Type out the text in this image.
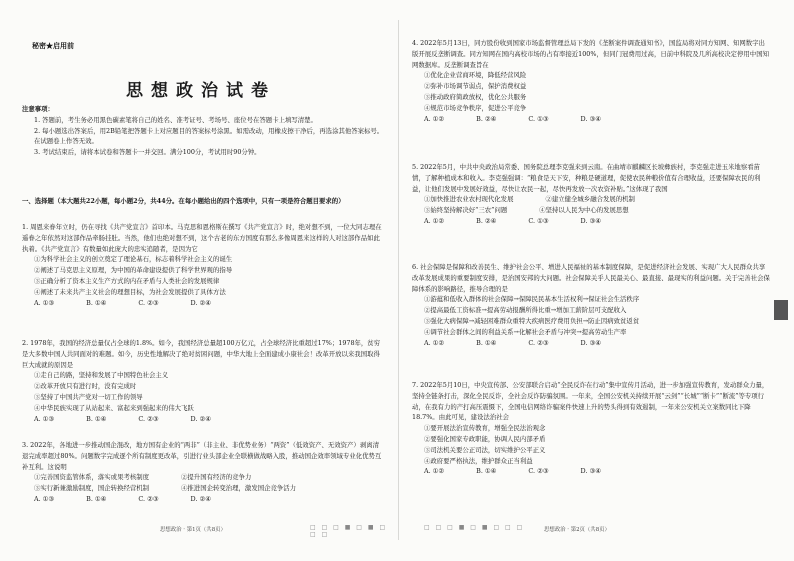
秘密★启用前
思想政治试卷

注意事项：

1. 答题前，考生务必用黑色碳素笔将自己的姓名、准考证号、考场号、座位号在答题卡上填写清楚。

2. 每小题选出答案后，用2B铅笔把答题卡上对应题目的答案标号涂黑。如需改动，用橡皮擦干净后，再选涂其他答案标号。在试题卷上作答无效。

3. 考试结束后，请将本试卷和答题卡一并交回。满分100分，考试用时90分钟。

一、选择题（本大题共22小题，每小题2分，共44分。在每小题给出的四个选项中，只有一项是符合题目要求的）

1. 周恩来眷年立时，仍在寻找《共产党宣言》首印本。马克思和恩格斯在撰写《共产党宣言》时，绝对想不到，一位大同志理在遥眷之年依然对这部作品牵肠挂肚。当然，他们也绝对想不到，这个古老的东方国度有那么多像周恩来这样的人对这部作品如此执着。《共产党宣言》有数量如此庞大的忠实追随者，是因为它

①为科学社会主义的创立奠定了理论基石，标志着科学社会主义的诞生

②阐述了马克思主义原理，为中国的革命建设提供了科学世界观的指导

③正确分析了资本主义生产方式的内在矛盾与人类社会的发展规律

④阐述了未来共产主义社会的理想目标，为社会发展提供了具体方法

A. ①③	B. ①④	C. ②③	D. ②④

2. 1978年，我国的经济总量仅占全球的1.8%。如今，我国经济总量超100万亿元，占全球经济比重超过17%；1978年，贫穷是大多数中国人共同面对的难题。如今，历史性地解决了绝对贫困问题，中华大地上全面建成小康社会！改革开放以来我国取得巨大成就的原因是

①走自己的路，坚持和发展了中国特色社会主义

②改革开放只有进行时，没有完成时

③坚持了中国共产党对一切工作的领导

④中华民族实现了从站起来、富起来到强起来的伟大飞跃

A. ①③	B. ①④	C. ②③	D. ②④

3. 2022年，各地进一步推动国企混改，地方国有企业的“两非”（非主业、非优势业务）“两资”（低效资产、无效资产）剥离清退完成率超过80%。问题数字完成逐个所有制度更改革，引进行业头部企业全联横做战略入股，推动国企效率领域专业化优势互补互利。这说明

①完善国资监管体系，落实或果考核制度	②提升国有经济的竞争力
③实行新兼激励制度，国企转换经营机制	④推进国企转变治理，激发国企竞争活力
A. ①③	B. ①④	C. ②③	D. ②④
思想政治 · 第1页（共8页）	□ □ □ ■ □ ■ □ □ □

4. 2022年5月13日，同方股份收到国家市场监督管理总局下发的《垄断案件调查通知书》，国监局将对同方知网、知网数字出版开展反垄断调查。同方知网在国内高校市场的占有率接近100%，但同门冠费用过高，日前中科院及几所高校决定停用中国知网数据库。反垄断调查旨在

①优化企业营商环境，降低经营风险

②弥补市场调节弱点，保护消费权益

③推动政府简政放权，优化公共服务

④规范市场竞争秩序，促进公平竞争

A. ①②	B. ②④	C. ①③	D. ③④

5. 2022年5月，中共中央政治局常委、国务院总理李克强来到云南。在曲靖市麒麟区长坡彝族村，李克强走进玉米地察看苗情，了解种植成本和收入。李克强强调：“粮食是天下安，种粮是硬道理，促使农民种粮价值有合理收益，还要保障农民的利益，让他们发展中发展好效益，尽快让农民一起，尽快再发放一次农资补贴。”这体现了我国

①加快推进农业农村现代化发展	②建立健全城乡融合发展的机制
③始终坚持解决好“三农”问题	④坚持以人民为中心的发展思想
A. ①②	B. ②④	C. ①③	D. ③④

6. 社会保障是保障和改善民生、维护社会公平、增进人民福祉的基本制度保障，是促进经济社会发展、实现广大人民群众共享改革发展成果的重要制度安排，是治国安邦的大问题。社会保障关乎人民最关心、最直接、最现实的利益问题。关于完善社会保障体系的影响路径，推导合理的是

①游蕴和低收入群体的社会保障→保障民民基本生活权利→保证社会生活秩序

②提高最低工资标准→提高劳动报酬所得比重→增加工薪阶层可支配收入

③强化大病保障→减轻困难群众重特大疾病医疗费用负担→防止因病致贫返贫

④调节社会群体之间的利益关系→化解社会矛盾与冲突→提高劳动生产率

A. ①②	B. ①④	C. ②③	D. ③④

7. 2022年5月10日，中央宣传部、公安部联合启动“全民反诈在行动”集中宣传月活动，进一步加强宣传教育，发动群众力量，坚持全链条打击，深化全民反诈，全社会反诈防骗氛围。一年来，全国公安机关持续开展“云剑”“长城”“断卡”“断流”等专项行动，在我有力的产打高压震慑下，全国电信网络诈骗案件快速上升的势头得到有效遏制，一年来公安机关立案数同比下降18.7%。由此可见，建设法治社会

①要开展法治宣传教育，增强全民法治观念

②要强化国家专政职能，协调人民内部矛盾

③司法机关要公正司法，切实维护公平正义

④政府要严格执法，维护群众正当利益

A. ①②	B. ①④	C. ②③	D. ③④
□ □ □ ■ □ ■ □ □ □	思想政治 · 第2页（共8页）
